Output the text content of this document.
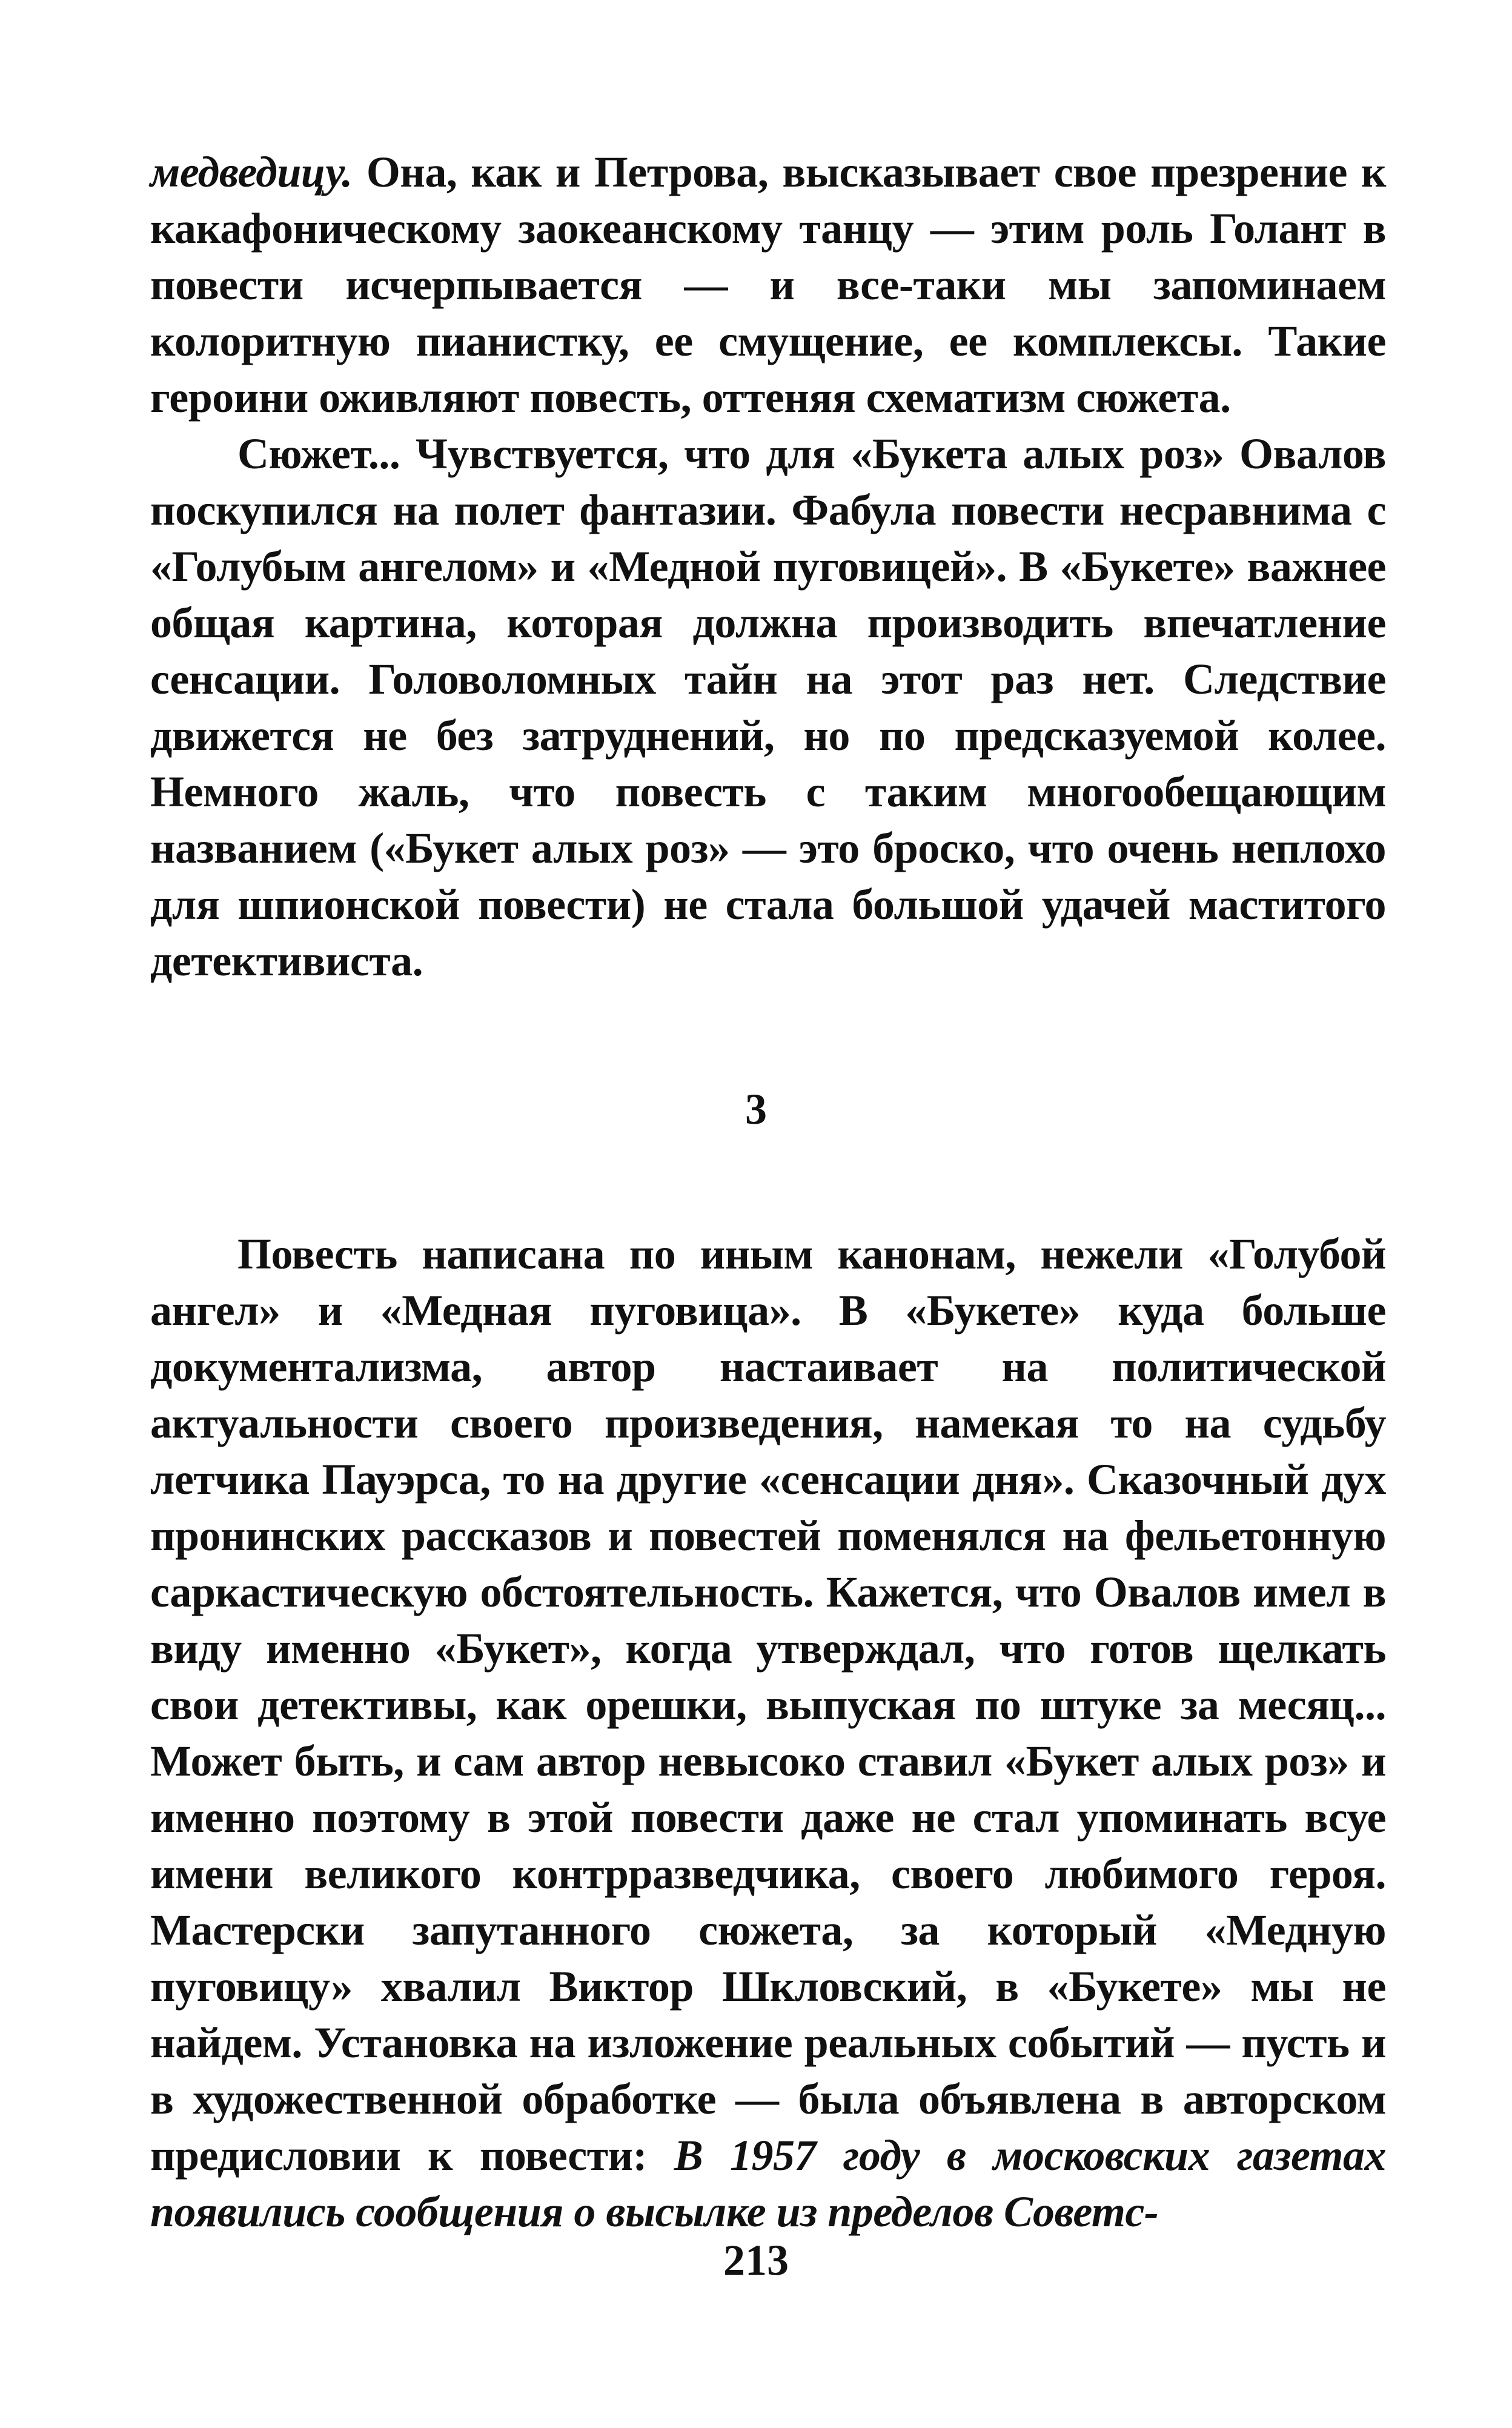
медведицу. Она, как и Петрова, высказывает свое презрение к какафоническому заокеанскому танцу — этим роль Голант в повести исчерпывается — и все-таки мы запоминаем колоритную пианистку, ее смущение, ее комплексы. Такие героини оживляют повесть, оттеняя схематизм сюжета.

Сюжет... Чувствуется, что для «Букета алых роз» Овалов поскупился на полет фантазии. Фабула повести несравнима с «Голубым ангелом» и «Медной пуговицей». В «Букете» важнее общая картина, которая должна производить впечатление сенсации. Головоломных тайн на этот раз нет. Следствие движется не без затруднений, но по предсказуемой колее. Немного жаль, что повесть с таким многообещающим названием («Букет алых роз» — это броско, что очень неплохо для шпионской повести) не стала большой удачей маститого детективиста.

3

Повесть написана по иным канонам, нежели «Голубой ангел» и «Медная пуговица». В «Букете» куда больше документализма, автор настаивает на политической актуальности своего произведения, намекая то на судьбу летчика Пауэрса, то на другие «сенсации дня». Сказочный дух пронинских рассказов и повестей поменялся на фельетонную саркастическую обстоятельность. Кажется, что Овалов имел в виду именно «Букет», когда утверждал, что готов щелкать свои детективы, как орешки, выпуская по штуке за месяц... Может быть, и сам автор невысоко ставил «Букет алых роз» и именно поэтому в этой повести даже не стал упоминать всуе имени великого контрразведчика, своего любимого героя. Мастерски запутанного сюжета, за который «Медную пуговицу» хвалил Виктор Шкловский, в «Букете» мы не найдем. Установка на изложение реальных событий — пусть и в художественной обработке — была объявлена в авторском предисловии к повести: В 1957 году в московских газетах появились сообщения о высылке из пределов Советс-

213
